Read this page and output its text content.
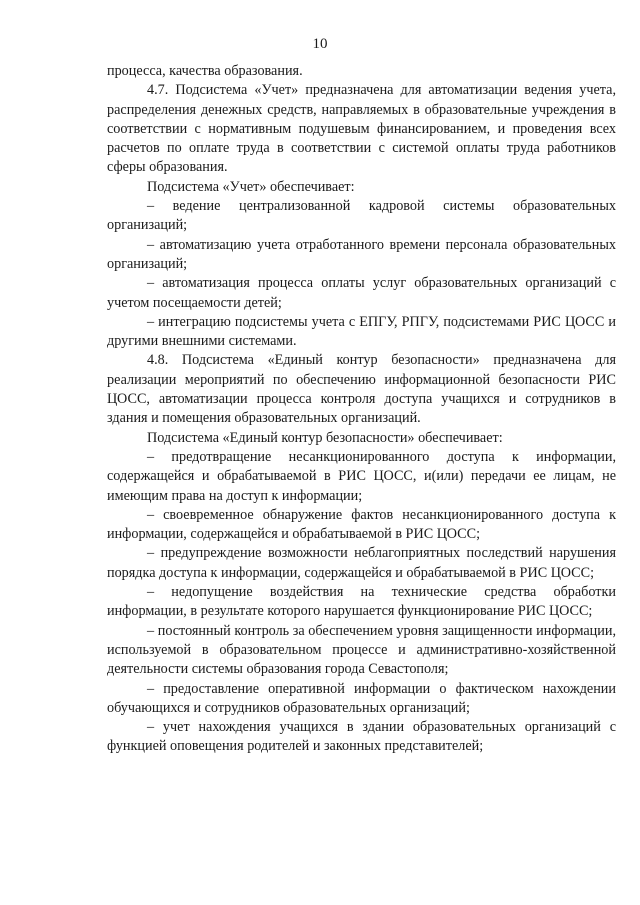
10

процесса, качества образования.

4.7. Подсистема «Учет» предназначена для автоматизации ведения учета, распределения денежных средств, направляемых в образовательные учреждения в соответствии с нормативным подушевым финансированием, и проведения всех расчетов по оплате труда в соответствии с системой оплаты труда работников сферы образования.

Подсистема «Учет» обеспечивает:

– ведение централизованной кадровой системы образовательных организаций;

– автоматизацию учета отработанного времени персонала образовательных организаций;

– автоматизация процесса оплаты услуг образовательных организаций с учетом посещаемости детей;

– интеграцию подсистемы учета с ЕПГУ, РПГУ, подсистемами РИС ЦОСС и другими внешними системами.

4.8. Подсистема «Единый контур безопасности» предназначена для реализации мероприятий по обеспечению информационной безопасности РИС ЦОСС, автоматизации процесса контроля доступа учащихся и сотрудников в здания и помещения образовательных организаций.

Подсистема «Единый контур безопасности» обеспечивает:

– предотвращение несанкционированного доступа к информации, содержащейся и обрабатываемой в РИС ЦОСС, и(или) передачи ее лицам, не имеющим права на доступ к информации;

– своевременное обнаружение фактов несанкционированного доступа к информации, содержащейся и обрабатываемой в РИС ЦОСС;

– предупреждение возможности неблагоприятных последствий нарушения порядка доступа к информации, содержащейся и обрабатываемой в РИС ЦОСС;

– недопущение воздействия на технические средства обработки информации, в результате которого нарушается функционирование РИС ЦОСС;

– постоянный контроль за обеспечением уровня защищенности информации, используемой в образовательном процессе и административно-хозяйственной деятельности системы образования города Севастополя;

– предоставление оперативной информации о фактическом нахождении обучающихся и сотрудников образовательных организаций;

– учет нахождения учащихся в здании образовательных организаций с функцией оповещения родителей и законных представителей;
